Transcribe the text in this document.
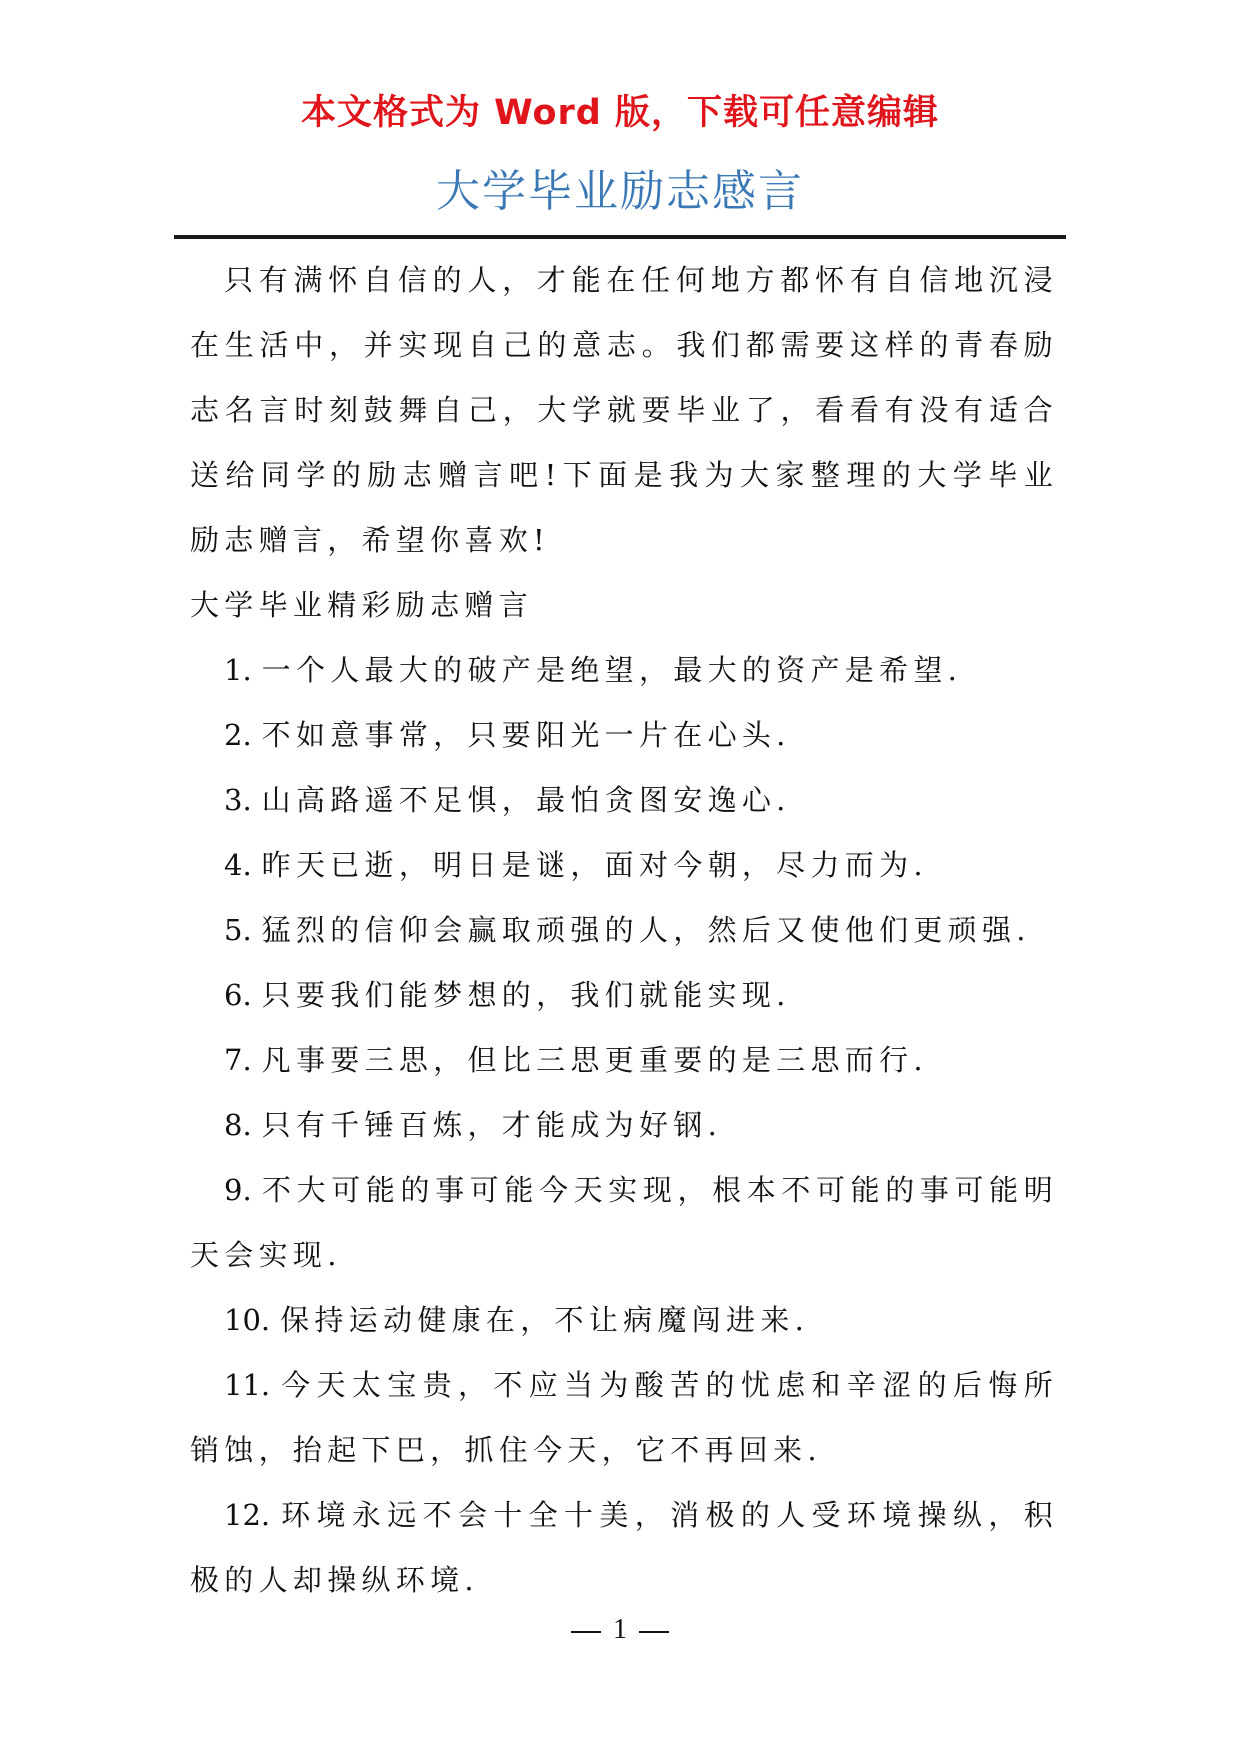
本文格式为 Word 版，下载可任意编辑
大学毕业励志感言

只有满怀自信的人，才能在任何地方都怀有自信地沉浸在生活中，并实现自己的意志。我们都需要这样的青春励志名言时刻鼓舞自己，大学就要毕业了，看看有没有适合送给同学的励志赠言吧!下面是我为大家整理的大学毕业励志赠言，希望你喜欢!

大学毕业精彩励志赠言

1. 一个人最大的破产是绝望，最大的资产是希望.

2. 不如意事常，只要阳光一片在心头.

3. 山高路遥不足惧，最怕贪图安逸心.

4. 昨天已逝，明日是谜，面对今朝，尽力而为.

5. 猛烈的信仰会赢取顽强的人，然后又使他们更顽强.

6. 只要我们能梦想的，我们就能实现.

7. 凡事要三思，但比三思更重要的是三思而行.

8. 只有千锤百炼，才能成为好钢.

9. 不大可能的事可能今天实现，根本不可能的事可能明天会实现.

10. 保持运动健康在，不让病魔闯进来.

11. 今天太宝贵，不应当为酸苦的忧虑和辛涩的后悔所销蚀，抬起下巴，抓住今天，它不再回来.

12. 环境永远不会十全十美，消极的人受环境操纵，积极的人却操纵环境.

1
